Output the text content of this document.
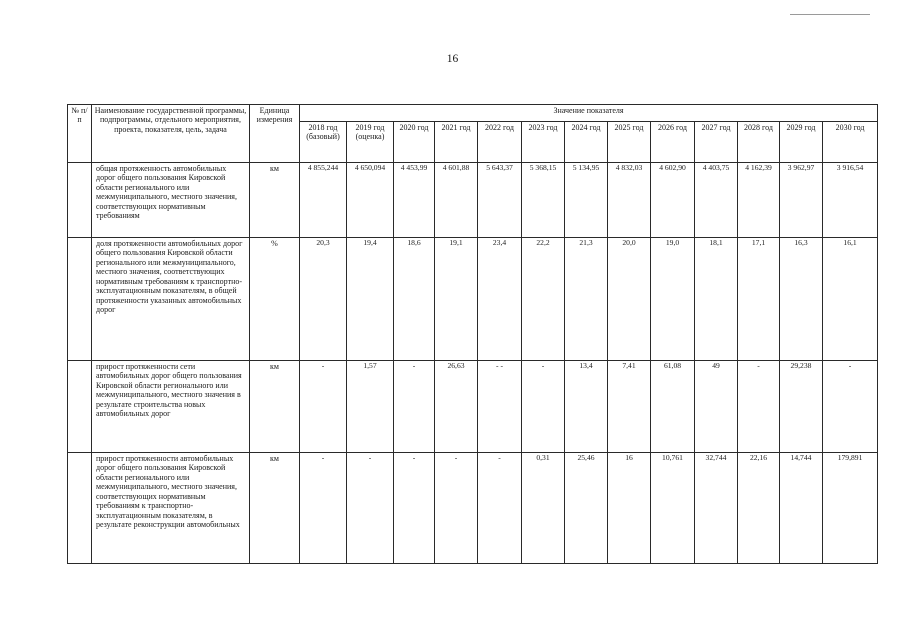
16
№ п/п	Наименование государственной программы, подпрограммы, отдельного мероприятия, проекта, показателя, цель, задача	Единица измерения	Значение показателя												
			2018 год (базовый)	2019 год (оценка)	2020 год	2021 год	2022 год	2023 год	2024 год	2025 год	2026 год	2027 год	2028 год	2029 год	2030 год
	общая протяженность автомобильных дорог общего пользования Кировской области регионального или межмуниципального, местного значения, соответствующих нормативным требованиям	км	4 855,244	4 650,094	4 453,99	4 601,88	5 643,37	5 368,15	5 134,95	4 832,03	4 602,90	4 403,75	4 162,39	3 962,97	3 916,54
	доля протяженности автомобильных дорог общего пользования Кировской области регионального или межмуниципального, местного значения, соответствующих нормативным требованиям к транспортно-эксплуатационным показателям, в общей протяженности указанных автомобильных дорог	%	20,3	19,4	18,6	19,1	23,4	22,2	21,3	20,0	19,0	18,1	17,1	16,3	16,1
	прирост протяженности сети автомобильных дорог общего пользования Кировской области регионального или межмуниципального, местного значения в результате строительства новых автомобильных дорог	км	-	1,57	-	26,63	- -	-	13,4	7,41	61,08	49	-	29,238	-
	прирост протяженности автомобильных дорог общего пользования Кировской области регионального или межмуниципального, местного значения, соответствующих нормативным требованиям к транспортно-эксплуатационным показателям, в результате реконструкции автомобильных	км	-	-	-	-	-	0,31	25,46	16	10,761	32,744	22,16	14,744	179,891
